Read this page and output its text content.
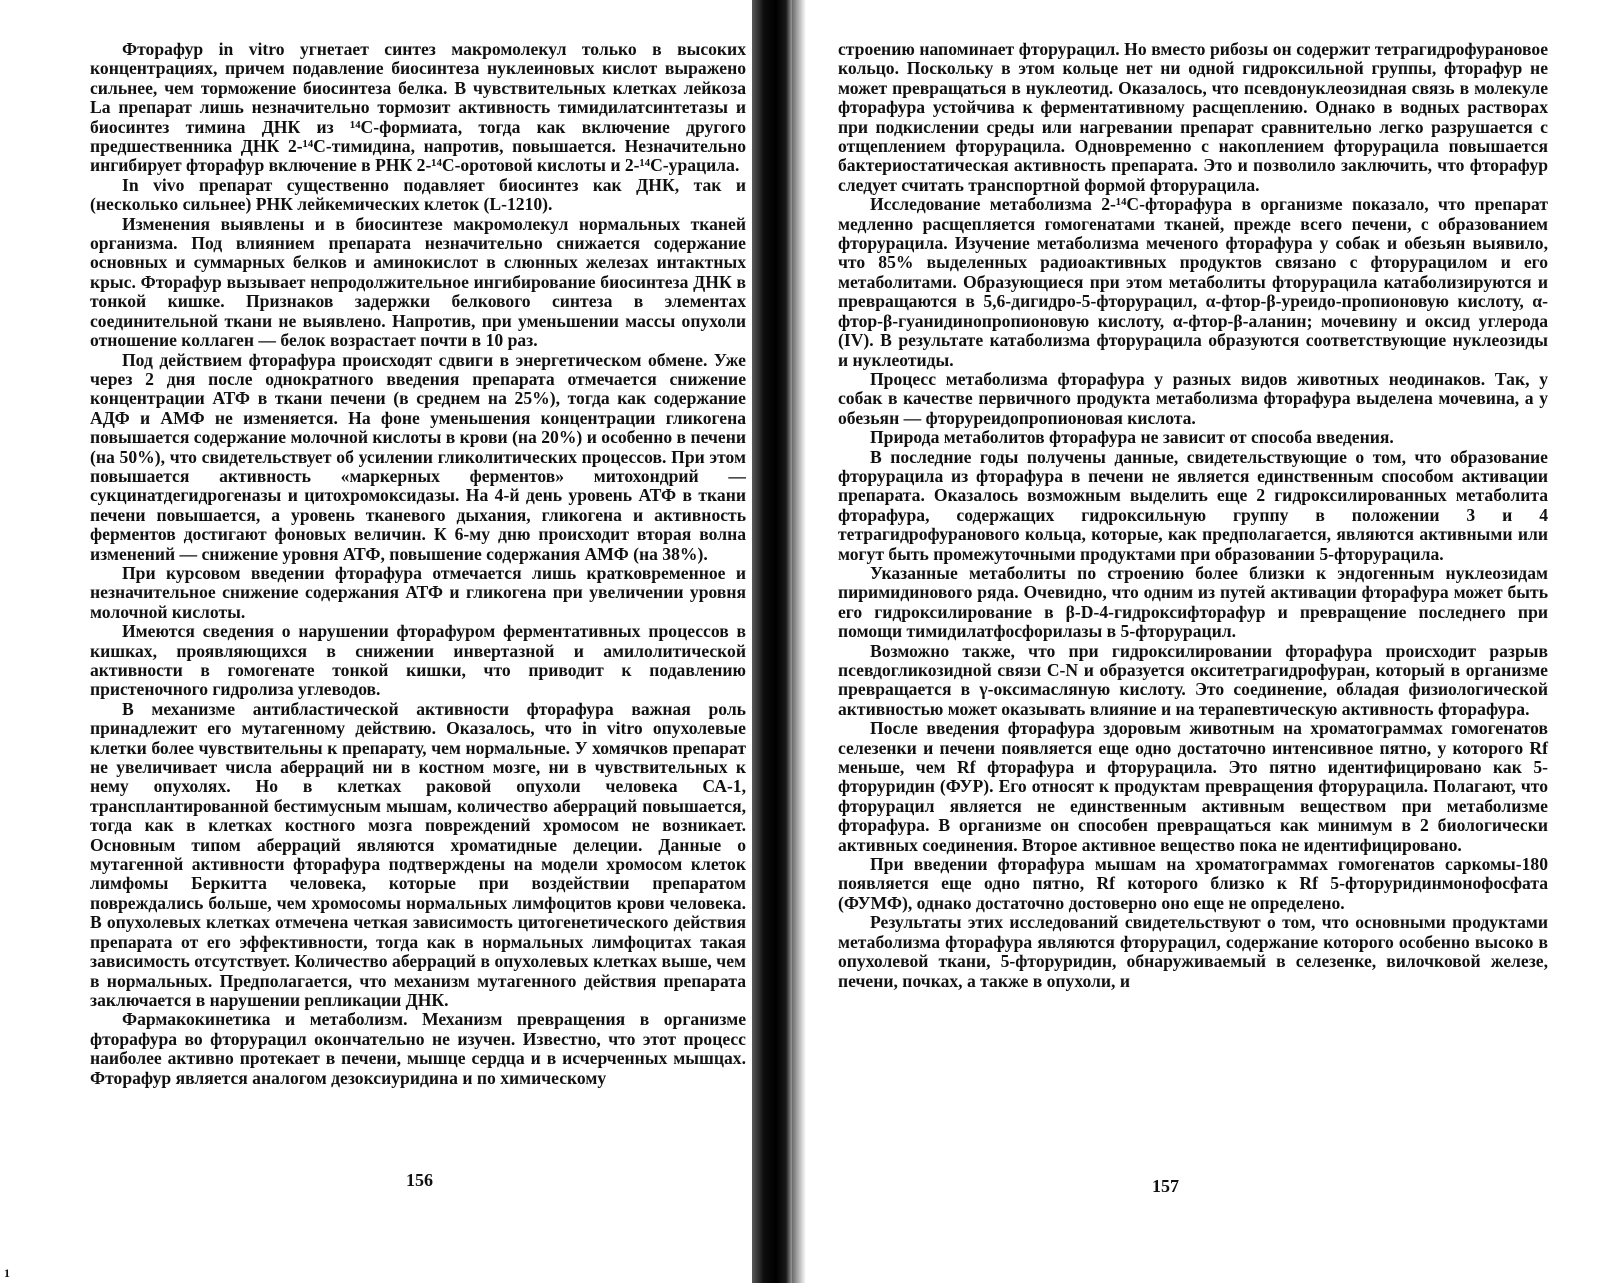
Фторафур in vitro угнетает синтез макромолекул только в высоких концентрациях, причем подавление биосинтеза нуклеиновых кислот выражено сильнее, чем торможение биосинтеза белка. В чувствительных клетках лейкоза La препарат лишь незначительно тормозит активность тимидилатсинтетазы и биосинтез тимина ДНК из ¹⁴С-формиата, тогда как включение другого предшественника ДНК 2-¹⁴С-тимидина, напротив, повышается. Незначительно ингибирует фторафур включение в РНК 2-¹⁴С-оротовой кислоты и 2-¹⁴С-урацила.

In vivo препарат существенно подавляет биосинтез как ДНК, так и (несколько сильнее) РНК лейкемических клеток (L-1210).

Изменения выявлены и в биосинтезе макромолекул нормальных тканей организма. Под влиянием препарата незначительно снижается содержание основных и суммарных белков и аминокислот в слюнных железах интактных крыс. Фторафур вызывает непродолжительное ингибирование биосинтеза ДНК в тонкой кишке. Признаков задержки белкового синтеза в элементах соединительной ткани не выявлено. Напротив, при уменьшении массы опухоли отношение коллаген — белок возрастает почти в 10 раз.

Под действием фторафура происходят сдвиги в энергетическом обмене. Уже через 2 дня после однократного введения препарата отмечается снижение концентрации АТФ в ткани печени (в среднем на 25%), тогда как содержание АДФ и АМФ не изменяется. На фоне уменьшения концентрации гликогена повышается содержание молочной кислоты в крови (на 20%) и особенно в печени (на 50%), что свидетельствует об усилении гликолитических процессов. При этом повышается активность «маркерных ферментов» митохондрий — сукцинатдегидрогеназы и цитохромоксидазы. На 4-й день уровень АТФ в ткани печени повышается, а уровень тканевого дыхания, гликогена и активность ферментов достигают фоновых величин. К 6-му дню происходит вторая волна изменений — снижение уровня АТФ, повышение содержания АМФ (на 38%).

При курсовом введении фторафура отмечается лишь кратковременное и незначительное снижение содержания АТФ и гликогена при увеличении уровня молочной кислоты.

Имеются сведения о нарушении фторафуром ферментативных процессов в кишках, проявляющихся в снижении инвертазной и амилолитической активности в гомогенате тонкой кишки, что приводит к подавлению пристеночного гидролиза углеводов.

В механизме антибластической активности фторафура важная роль принадлежит его мутагенному действию. Оказалось, что in vitro опухолевые клетки более чувствительны к препарату, чем нормальные. У хомячков препарат не увеличивает числа аберраций ни в костном мозге, ни в чувствительных к нему опухолях. Но в клетках раковой опухоли человека СА-1, трансплантированной бестимусным мышам, количество аберраций повышается, тогда как в клетках костного мозга повреждений хромосом не возникает. Основным типом аберраций являются хроматидные делеции. Данные о мутагенной активности фторафура подтверждены на модели хромосом клеток лимфомы Беркитта человека, которые при воздействии препаратом повреждались больше, чем хромосомы нормальных лимфоцитов крови человека. В опухолевых клетках отмечена четкая зависимость цитогенетического действия препарата от его эффективности, тогда как в нормальных лимфоцитах такая зависимость отсутствует. Количество аберраций в опухолевых клетках выше, чем в нормальных. Предполагается, что механизм мутагенного действия препарата заключается в нарушении репликации ДНК.

Фармакокинетика и метаболизм. Механизм превращения в организме фторафура во фторурацил окончательно не изучен. Известно, что этот процесс наиболее активно протекает в печени, мышце сердца и в исчерченных мышцах. Фторафур является аналогом дезоксиуридина и по химическому

156
1

строению напоминает фторурацил. Но вместо рибозы он содержит тетрагидрофурановое кольцо. Поскольку в этом кольце нет ни одной гидроксильной группы, фторафур не может превращаться в нуклеотид. Оказалось, что псевдонуклеозидная связь в молекуле фторафура устойчива к ферментативному расщеплению. Однако в водных растворах при подкислении среды или нагревании препарат сравнительно легко разрушается с отщеплением фторурацила. Одновременно с накоплением фторурацила повышается бактериостатическая активность препарата. Это и позволило заключить, что фторафур следует считать транспортной формой фторурацила.

Исследование метаболизма 2-¹⁴С-фторафура в организме показало, что препарат медленно расщепляется гомогенатами тканей, прежде всего печени, с образованием фторурацила. Изучение метаболизма меченого фторафура у собак и обезьян выявило, что 85% выделенных радиоактивных продуктов связано с фторурацилом и его метаболитами. Образующиеся при этом метаболиты фторурацила катаболизируются и превращаются в 5,6-дигидро-5-фторурацил, α-фтор-β-уреидо-пропионовую кислоту, α-фтор-β-гуанидинопропионовую кислоту, α-фтор-β-аланин; мочевину и оксид углерода (IV). В результате катаболизма фторурацила образуются соответствующие нуклеозиды и нуклеотиды.

Процесс метаболизма фторафура у разных видов животных неодинаков. Так, у собак в качестве первичного продукта метаболизма фторафура выделена мочевина, а у обезьян — фторуреидопропионовая кислота.

Природа метаболитов фторафура не зависит от способа введения.

В последние годы получены данные, свидетельствующие о том, что образование фторурацила из фторафура в печени не является единственным способом активации препарата. Оказалось возможным выделить еще 2 гидроксилированных метаболита фторафура, содержащих гидроксильную группу в положении 3 и 4 тетрагидрофуранового кольца, которые, как предполагается, являются активными или могут быть промежуточными продуктами при образовании 5-фторурацила.

Указанные метаболиты по строению более близки к эндогенным нуклеозидам пиримидинового ряда. Очевидно, что одним из путей активации фторафура может быть его гидроксилирование в β-D-4-гидроксифторафур и превращение последнего при помощи тимидилатфосфорилазы в 5-фторурацил.

Возможно также, что при гидроксилировании фторафура происходит разрыв псевдогликозидной связи С-N и образуется окситетрагидрофуран, который в организме превращается в γ-оксимасляную кислоту. Это соединение, обладая физиологической активностью может оказывать влияние и на терапевтическую активность фторафура.

После введения фторафура здоровым животным на хроматограммах гомогенатов селезенки и печени появляется еще одно достаточно интенсивное пятно, у которого Rf меньше, чем Rf фторафура и фторурацила. Это пятно идентифицировано как 5-фторуридин (ФУР). Его относят к продуктам превращения фторурацила. Полагают, что фторурацил является не единственным активным веществом при метаболизме фторафура. В организме он способен превращаться как минимум в 2 биологически активных соединения. Второе активное вещество пока не идентифицировано.

При введении фторафура мышам на хроматограммах гомогенатов саркомы-180 появляется еще одно пятно, Rf которого близко к Rf 5-фторуридинмонофосфата (ФУМФ), однако достаточно достоверно оно еще не определено.

Результаты этих исследований свидетельствуют о том, что основными продуктами метаболизма фторафура являются фторурацил, содержание которого особенно высоко в опухолевой ткани, 5-фторуридин, обнаруживаемый в селезенке, вилочковой железе, печени, почках, а также в опухоли, и

157
